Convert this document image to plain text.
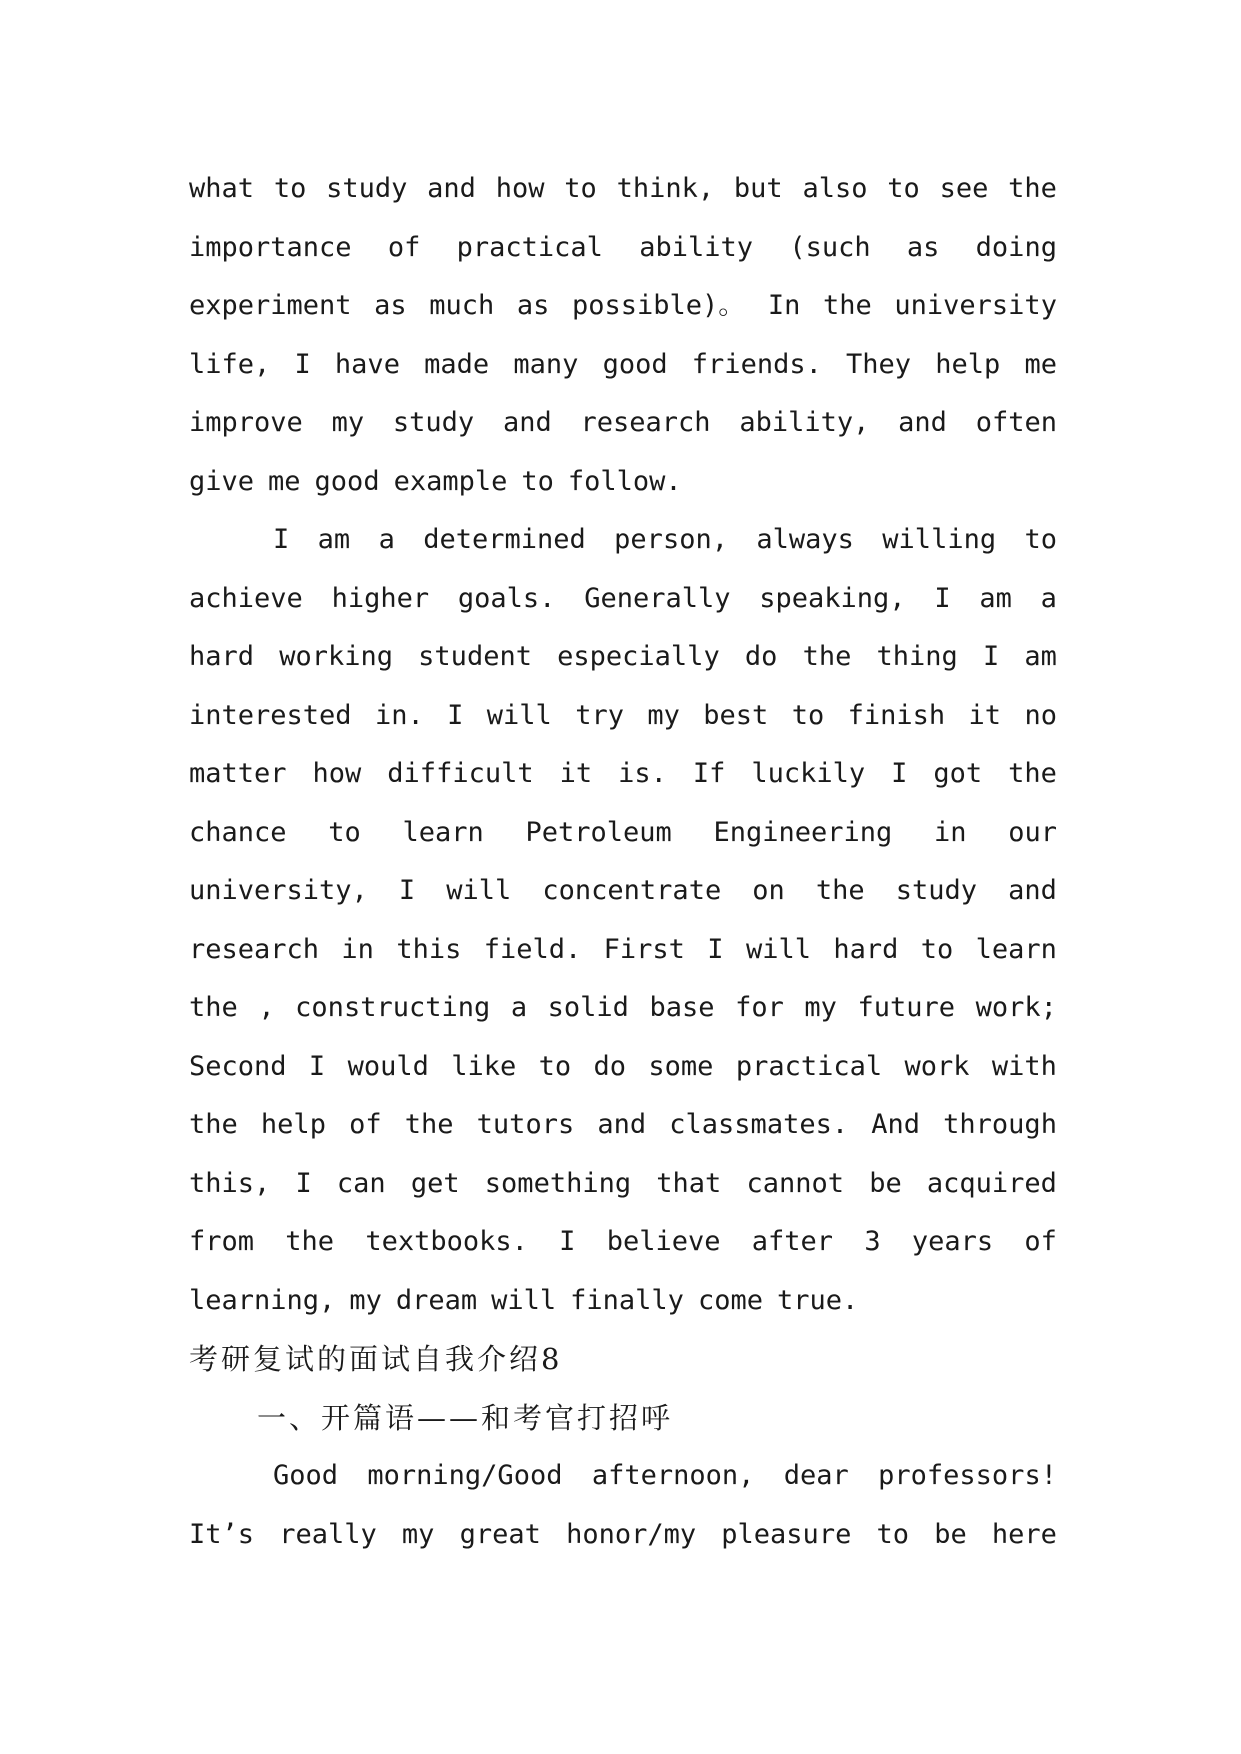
what to study and how to think, but also to see the
importance of practical ability (such as doing
experiment as much as possible)。 In the university
life, I have made many good friends. They help me
improve my study and research ability, and often
give me good example to follow.
I am a determined person, always willing to
achieve higher goals. Generally speaking, I am a
hard working student especially do the thing I am
interested in. I will try my best to finish it no
matter how difficult it is. If luckily I got the
chance to learn Petroleum Engineering in our
university, I will concentrate on the study and
research in this field. First I will hard to learn
the , constructing a solid base for my future work;
Second I would like to do some practical work with
the help of the tutors and classmates. And through
this, I can get something that cannot be acquired
from the textbooks. I believe after 3 years of
learning, my dream will finally come true.
考研复试的面试自我介绍8
一、开篇语——和考官打招呼
Good morning/Good afternoon, dear professors!
It’s really my great honor/my pleasure to be here
